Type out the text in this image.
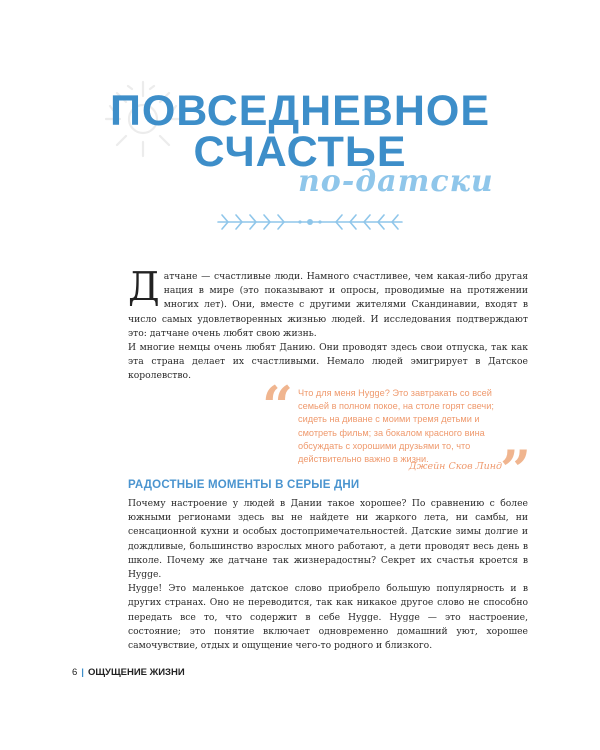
ПОВСЕДНЕВНОЕ
СЧАСТЬЕ
по-датски
Д атчане — счастливые люди. Намного счастливее, чем какая-либо другая нация в мире (это показывают и опросы, проводимые на протяжении многих лет). Они, вместе с другими жителями Скандинавии, входят в число самых удовлетворенных жизнью людей. И исследования подтверждают это: датчане очень любят свою жизнь.

И многие немцы очень любят Данию. Они проводят здесь свои отпуска, так как эта страна делает их счастливыми. Немало людей эмигрирует в Датское королевство.	“ Что для меня Hygge? Это завтракать со всей семьей в полном покое, на столе горят свечи; сидеть на диване с моими тремя детьми и смотреть фильм; за бокалом красного вина обсуждать с хорошими друзьями то, что действительно важно в жизни.

Джейн Сков Линд
”
РАДОСТНЫЕ МОМЕНТЫ В СЕРЫЕ ДНИ

Почему настроение у людей в Дании такое хорошее? По сравнению с более южными регионами здесь вы не найдете ни жаркого лета, ни самбы, ни сенсационной кухни и особых достопримечательностей. Датские зимы долгие и дождливые, большинство взрослых много работают, а дети проводят весь день в школе. Почему же датчане так жизнерадостны? Секрет их счастья кроется в Hygge.

Hygge! Это маленькое датское слово приобрело большую популярность и в других странах. Оно не переводится, так как никакое другое слово не способно передать все то, что содержит в себе Hygge. Hygge — это настроение, состояние; это понятие включает одновременно домашний уют, хорошее самочувствие, отдых и ощущение чего-то родного и близкого.

6 | ОЩУЩЕНИЕ ЖИЗНИ
